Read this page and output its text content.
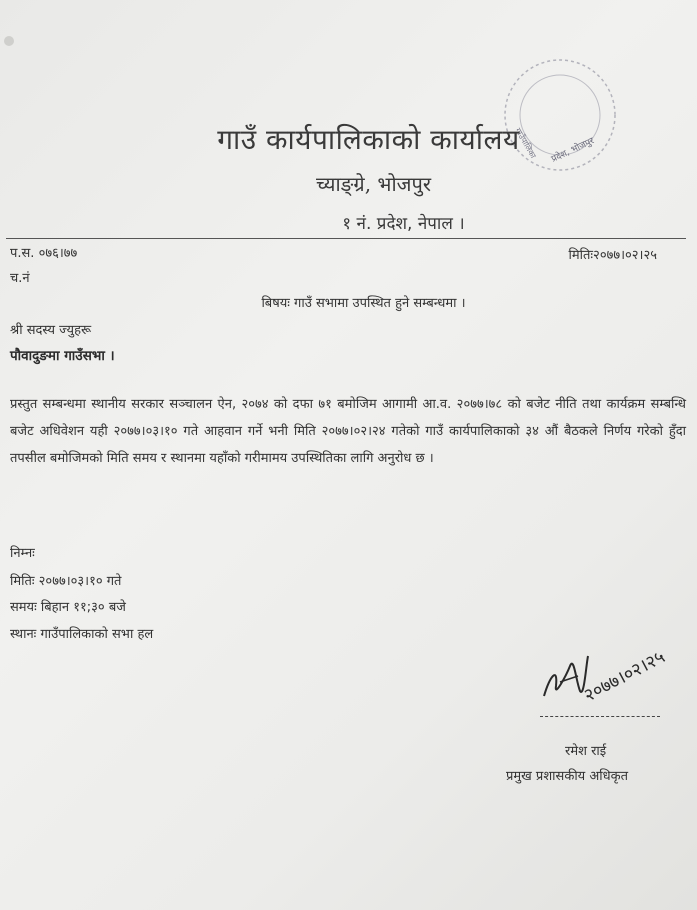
प्रदेश, भोजपुर
गाउँपालिका
गाउँ कार्यपालिकाको कार्यालय
च्याङ्ग्रे, भोजपुर
१ नं. प्रदेश, नेपाल ।
प.स. ०७६।७७	मितिः२०७७।०२।२५
च.नं
बिषयः गाउँ सभामा उपस्थित हुने सम्बन्धमा ।
श्री सदस्य ज्युहरू
पौवादुङमा गाउँसभा ।
प्रस्तुत सम्बन्धमा स्थानीय सरकार सञ्चालन ऐन, २०७४ को दफा ७१ बमोजिम आगामी आ.व. २०७७।७८ को बजेट नीति तथा कार्यक्रम सम्बन्धि बजेट अधिवेशन यही २०७७।०३।१० गते आहवान गर्ने भनी मिति २०७७।०२।२४ गतेको गाउँ कार्यपालिकाको ३४ औं बैठकले निर्णय गरेको हुँदा तपसील बमोजिमको मिति समय र स्थानमा यहाँको गरीमामय उपस्थितिका लागि अनुरोध छ ।
निम्नः
मितिः २०७७।०३।१० गते
समयः बिहान ११;३० बजे
स्थानः गाउँपालिकाको सभा हल
२०७७।०२।२५
रमेश राई
प्रमुख प्रशासकीय अधिकृत
